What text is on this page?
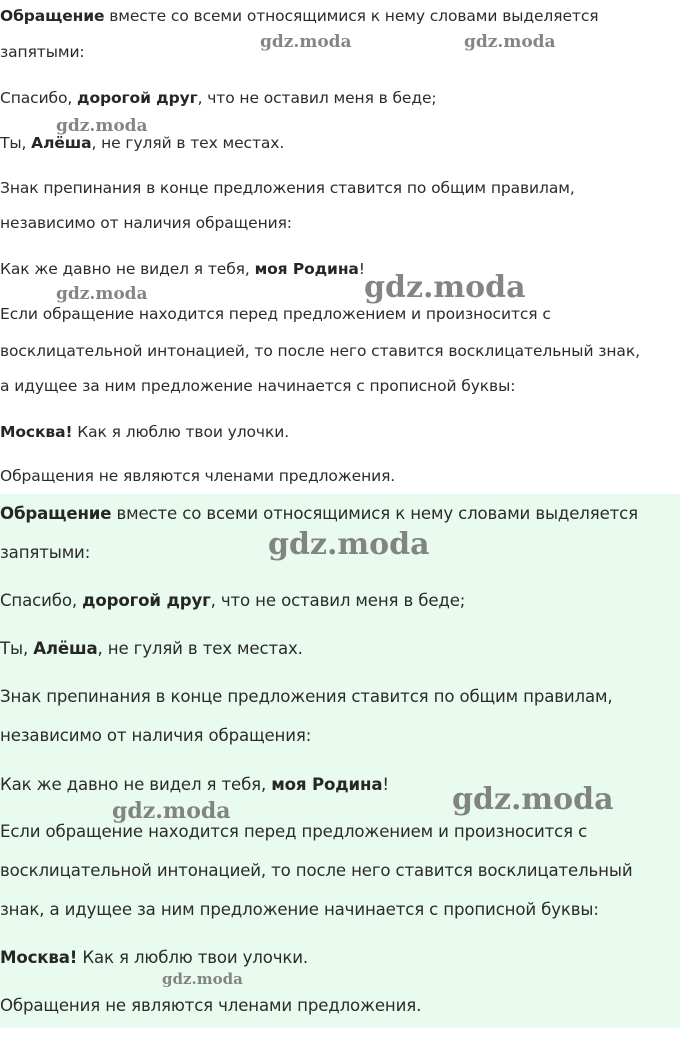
Обращение вместе со всеми относящимися к нему словами выделяется
запятыми:
Спасибо, дорогой друг, что не оставил меня в беде;
Ты, Алёша, не гуляй в тех местах.
Знак препинания в конце предложения ставится по общим правилам,
независимо от наличия обращения:
Как же давно не видел я тебя, моя Родина!
Если обращение находится перед предложением и произносится с
восклицательной интонацией, то после него ставится восклицательный знак,
а идущее за ним предложение начинается с прописной буквы:
Москва! Как я люблю твои улочки.
Обращения не являются членами предложения.
Обращение вместе со всеми относящимися к нему словами выделяется
запятыми:
Спасибо, дорогой друг, что не оставил меня в беде;
Ты, Алёша, не гуляй в тех местах.
Знак препинания в конце предложения ставится по общим правилам,
независимо от наличия обращения:
Как же давно не видел я тебя, моя Родина!
Если обращение находится перед предложением и произносится с
восклицательной интонацией, то после него ставится восклицательный
знак, а идущее за ним предложение начинается с прописной буквы:
Москва! Как я люблю твои улочки.
Обращения не являются членами предложения.
gdz.moda	gdz.moda
gdz.moda
gdz.moda	gdz.moda
gdz.moda
gdz.moda	gdz.moda
gdz.moda
